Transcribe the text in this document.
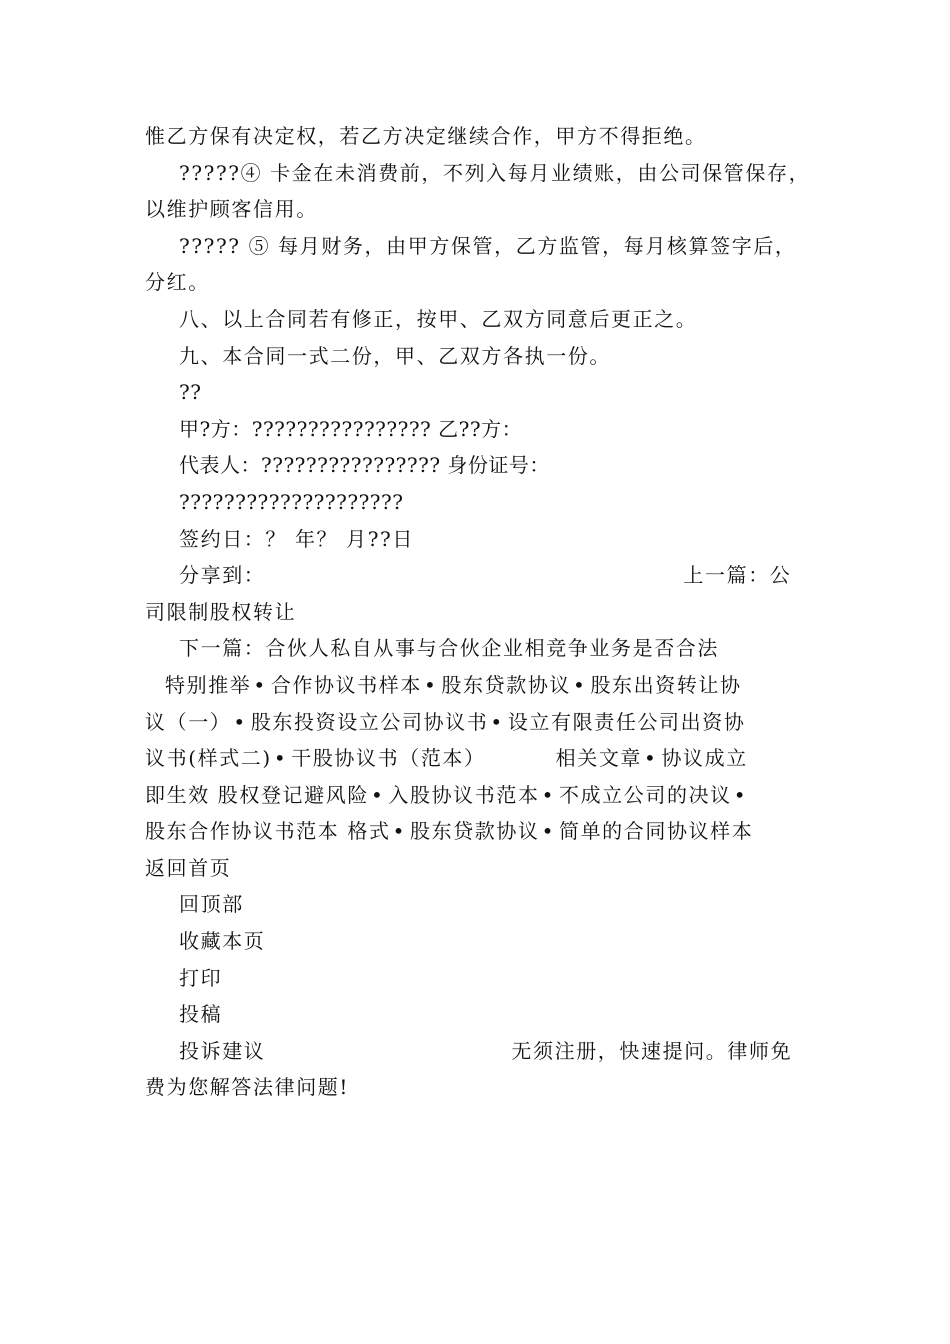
惟乙方保有决定权，若乙方决定继续合作，甲方不得拒绝。
?????④ 卡金在未消费前，不列入每月业绩账，由公司保管保存，
以维护顾客信用。
????? ⑤ 每月财务，由甲方保管，乙方监管，每月核算签字后，
分红。
八、以上合同若有修正，按甲、乙双方同意后更正之。
九、本合同一式二份，甲、乙双方各执一份。
??
甲?方：???????????????? 乙??方：
代表人：???????????????? 身份证号：
????????????????????
签约日：？ 年？ 月??日
分享到：	上一篇：公
司限制股权转让
下一篇：合伙人私自从事与合伙企业相竞争业务是否合法
特别推举 • 合作协议书样本 • 股东贷款协议 • 股东出资转让协
议（一） • 股东投资设立公司协议书 • 设立有限责任公司出资协
议书(样式二) • 干股协议书（范本）	相关文章 • 协议成立
即生效 股权登记避风险 • 入股协议书范本 • 不成立公司的决议 •
股东合作协议书范本 格式 • 股东贷款协议 • 简单的合同协议样本
返回首页
回顶部
收藏本页
打印
投稿
投诉建议	无须注册，快速提问。律师免
费为您解答法律问题!
